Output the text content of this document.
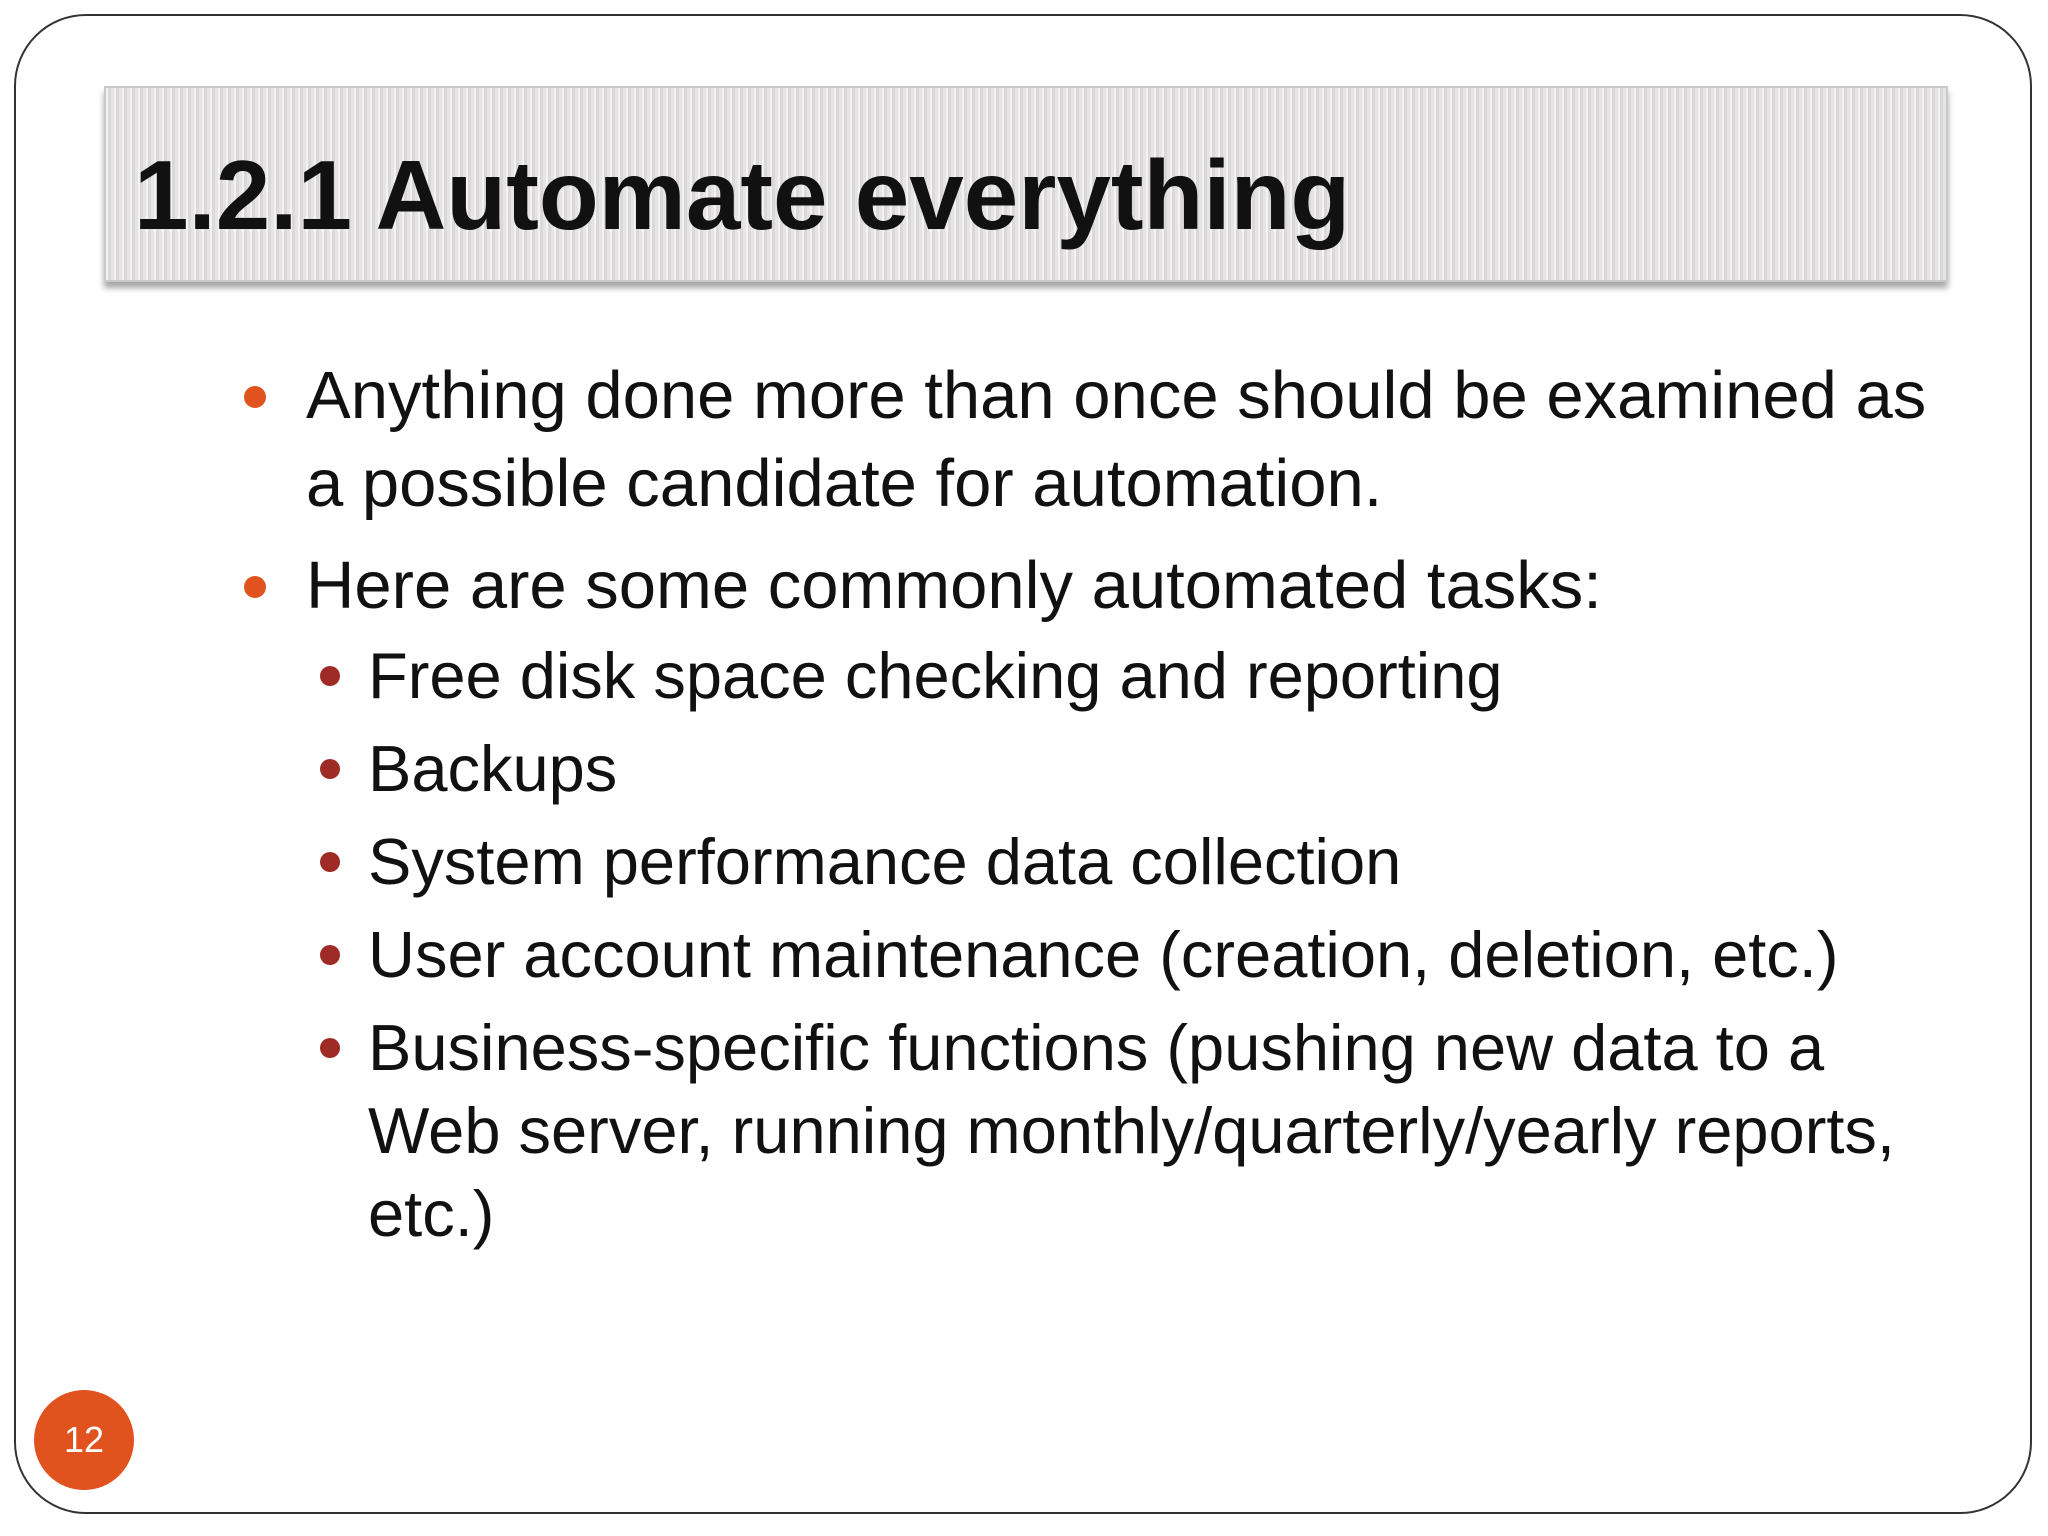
1.2.1 Automate everything
Anything done more than once should be examined as a possible candidate for automation.
Here are some commonly automated tasks:
Free disk space checking and reporting
Backups
System performance data collection
User account maintenance (creation, deletion, etc.)
Business-specific functions (pushing new data to a Web server, running monthly/quarterly/yearly reports, etc.)
12
